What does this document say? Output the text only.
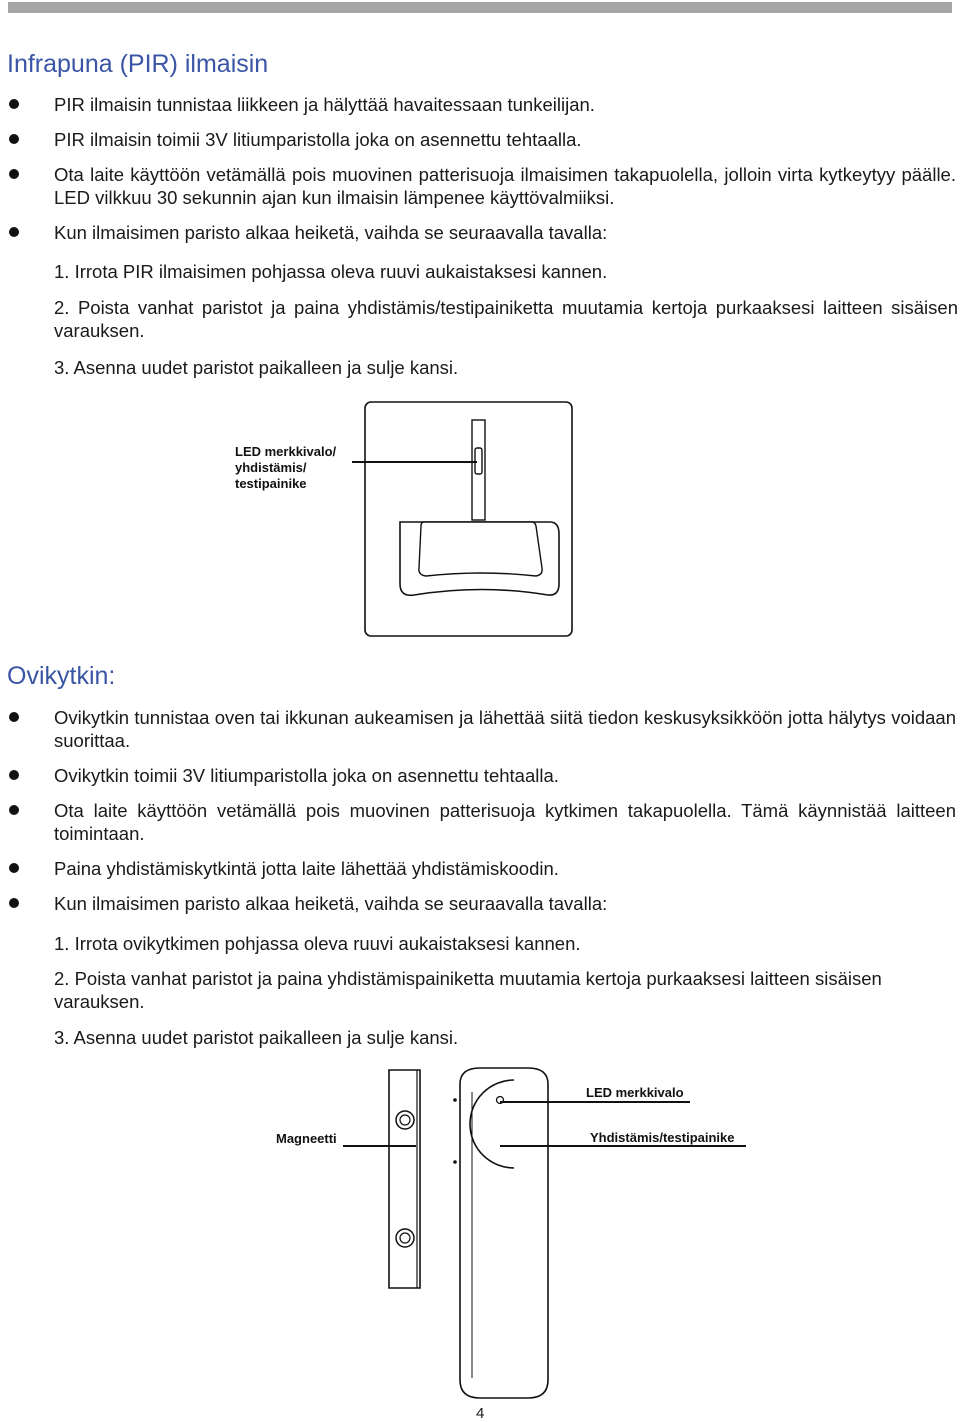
Infrapuna (PIR) ilmaisin
PIR ilmaisin tunnistaa liikkeen ja hälyttää havaitessaan tunkeilijan.
PIR ilmaisin toimii 3V litiumparistolla joka on asennettu tehtaalla.
Ota laite käyttöön vetämällä pois muovinen patterisuoja ilmaisimen takapuolella, jolloin virta kytkeytyy päälle. LED vilkkuu 30 sekunnin ajan kun ilmaisin lämpenee käyttövalmiiksi.
Kun ilmaisimen paristo alkaa heiketä, vaihda se seuraavalla tavalla:

1. Irrota PIR ilmaisimen pohjassa oleva ruuvi aukaistaksesi kannen.

2. Poista vanhat paristot ja paina yhdistämis/testipainiketta muutamia kertoja purkaaksesi laitteen sisäisen varauksen.

3. Asenna uudet paristot paikalleen ja sulje kansi.

LED merkkivalo/
yhdistämis/
testipainike
Ovikytkin:
Ovikytkin tunnistaa oven tai ikkunan aukeamisen ja lähettää siitä tiedon keskusyksikköön jotta hälytys voidaan suorittaa.
Ovikytkin toimii 3V litiumparistolla joka on asennettu tehtaalla.
Ota laite käyttöön vetämällä pois muovinen patterisuoja kytkimen takapuolella. Tämä käynnistää laitteen toimintaan.
Paina yhdistämiskytkintä jotta laite lähettää yhdistämiskoodin.
Kun ilmaisimen paristo alkaa heiketä, vaihda se seuraavalla tavalla:

1. Irrota ovikytkimen pohjassa oleva ruuvi aukaistaksesi kannen.

2. Poista vanhat paristot ja paina yhdistämispainiketta muutamia kertoja purkaaksesi laitteen sisäisen varauksen.

3. Asenna uudet paristot paikalleen ja sulje kansi.

Magneetti
LED merkkivalo
Yhdistämis/testipainike
4
